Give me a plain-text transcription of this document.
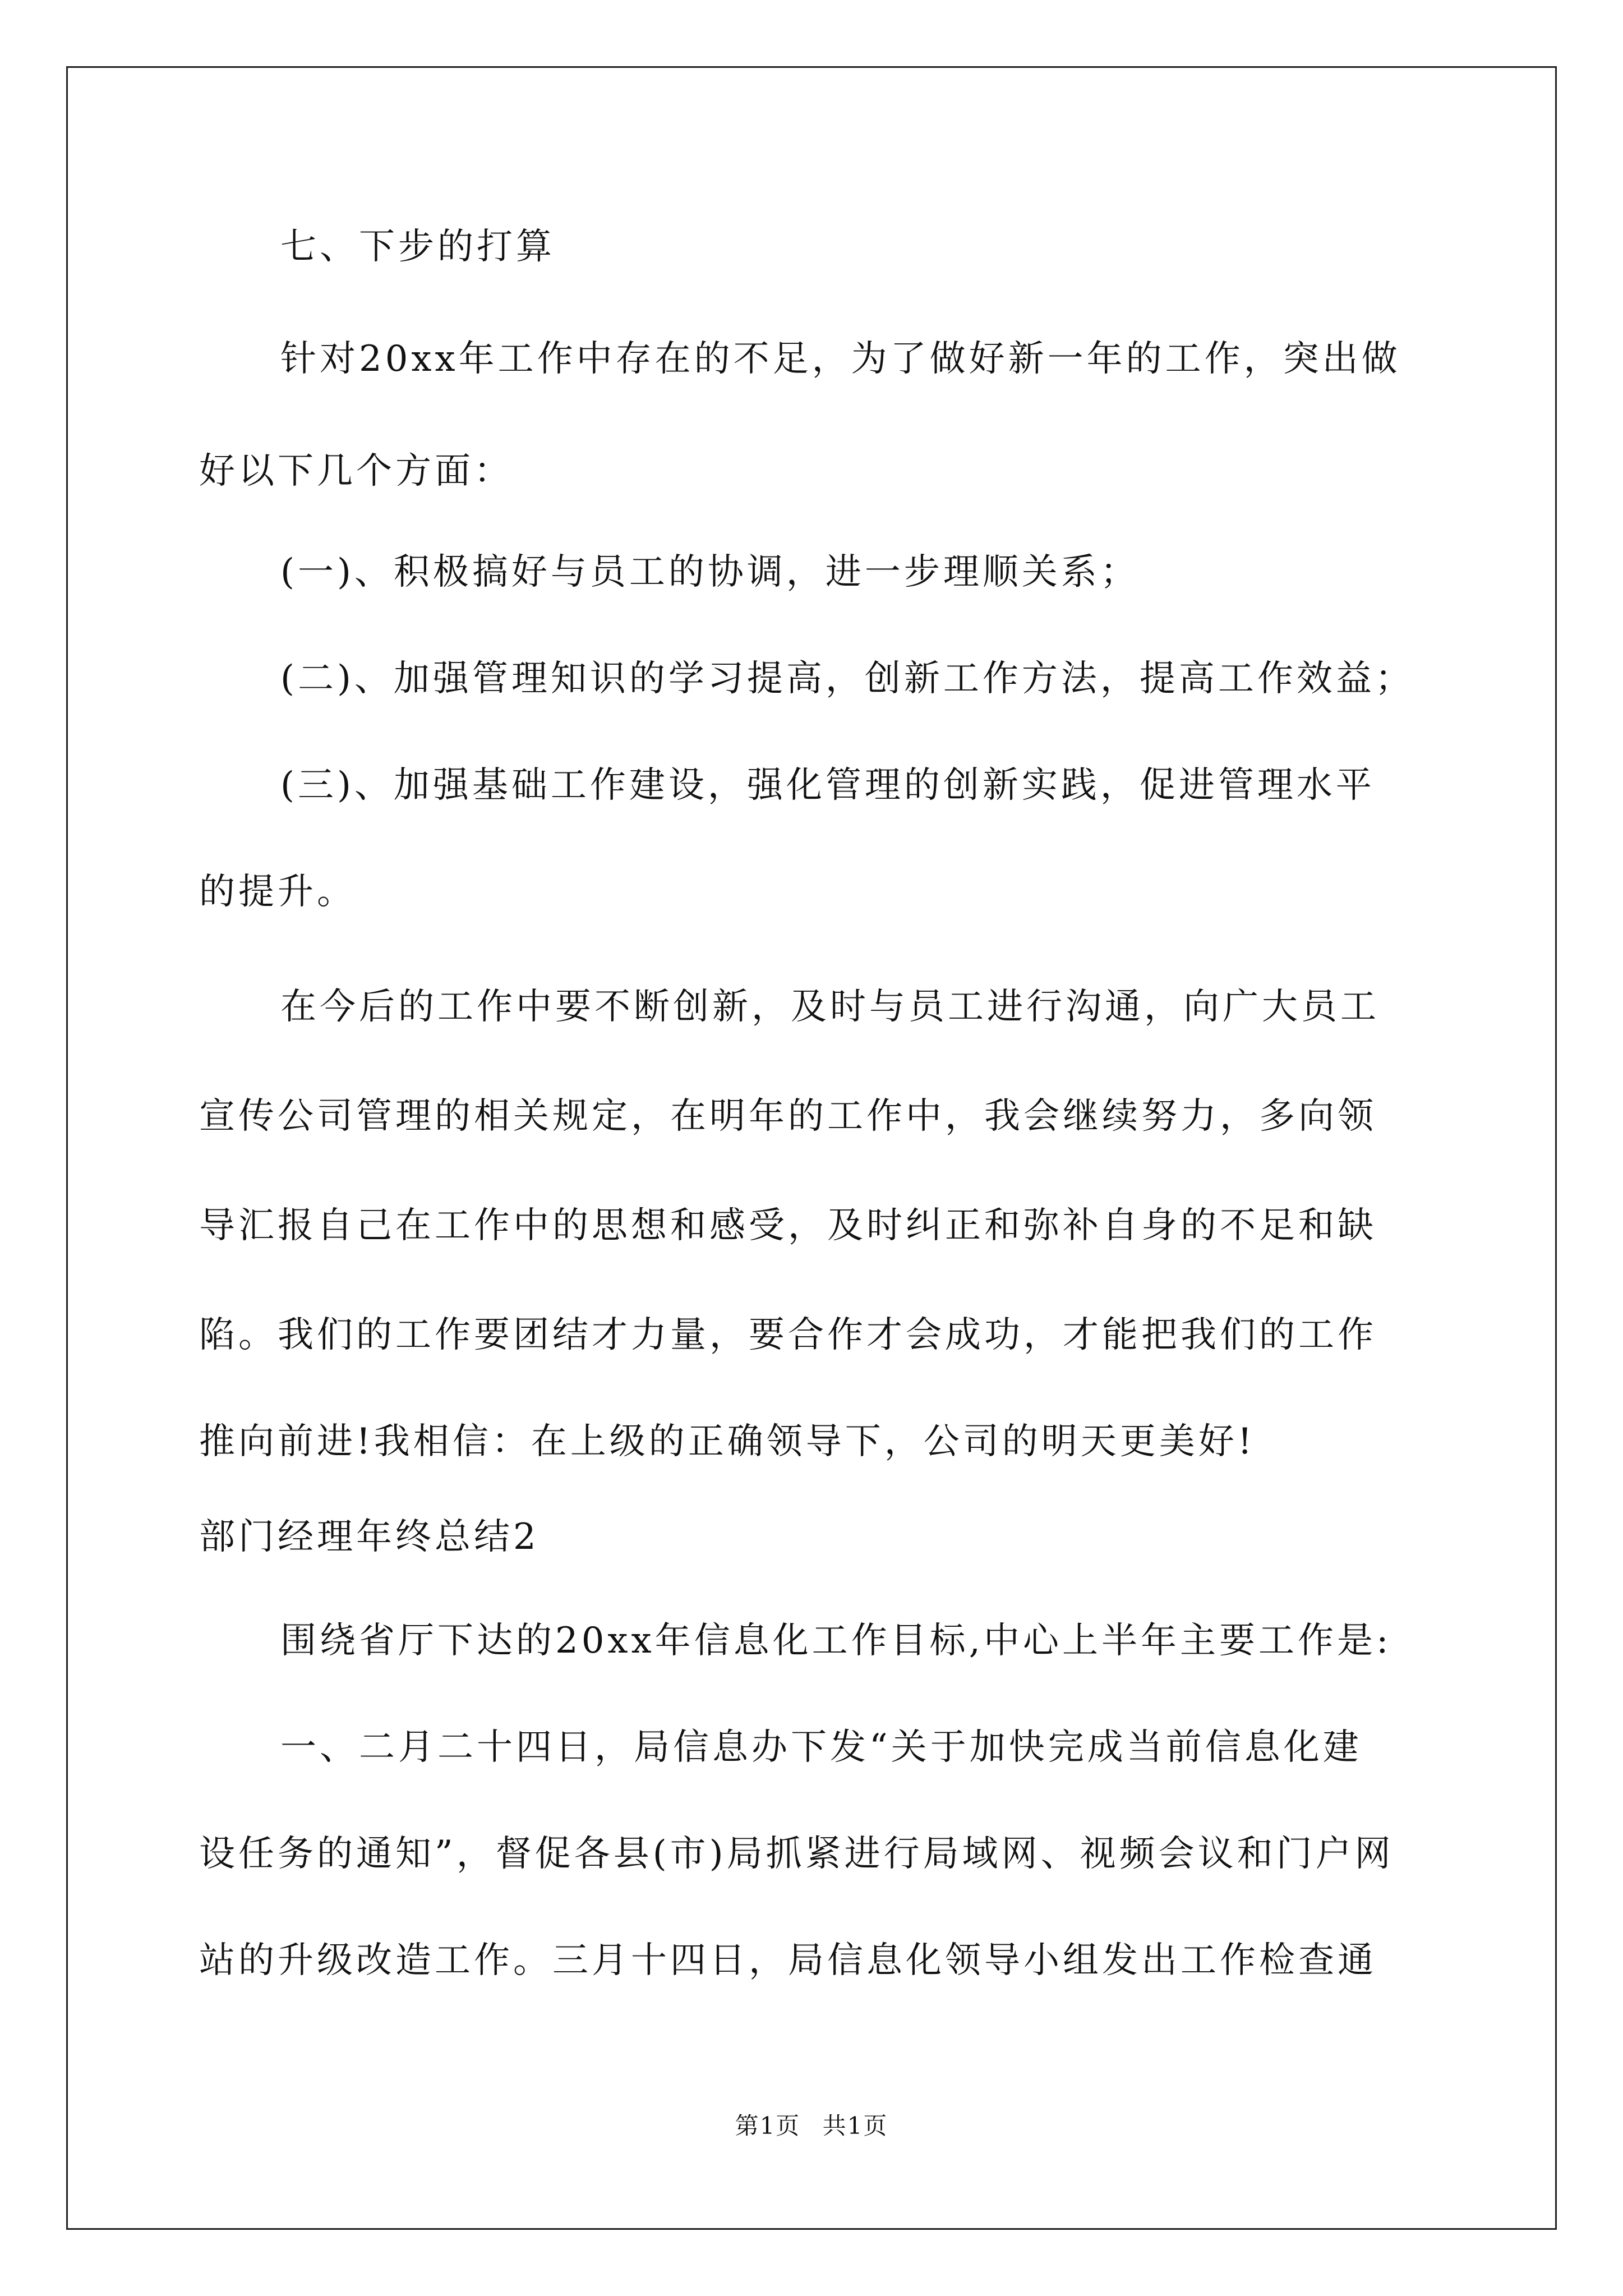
七、下步的打算

针对20xx年工作中存在的不足，为了做好新一年的工作，突出做

好以下几个方面：

(一)、积极搞好与员工的协调，进一步理顺关系；

(二)、加强管理知识的学习提高，创新工作方法，提高工作效益；

(三)、加强基础工作建设，强化管理的创新实践，促进管理水平

的提升。

在今后的工作中要不断创新，及时与员工进行沟通，向广大员工

宣传公司管理的相关规定，在明年的工作中，我会继续努力，多向领

导汇报自己在工作中的思想和感受，及时纠正和弥补自身的不足和缺

陷。我们的工作要团结才力量，要合作才会成功，才能把我们的工作

推向前进!我相信：在上级的正确领导下，公司的明天更美好!

部门经理年终总结2

围绕省厅下达的20xx年信息化工作目标,中心上半年主要工作是:

一、二月二十四日，局信息办下发“关于加快完成当前信息化建

设任务的通知”，督促各县(市)局抓紧进行局域网、视频会议和门户网

站的升级改造工作。三月十四日，局信息化领导小组发出工作检查通

第1页 共1页
